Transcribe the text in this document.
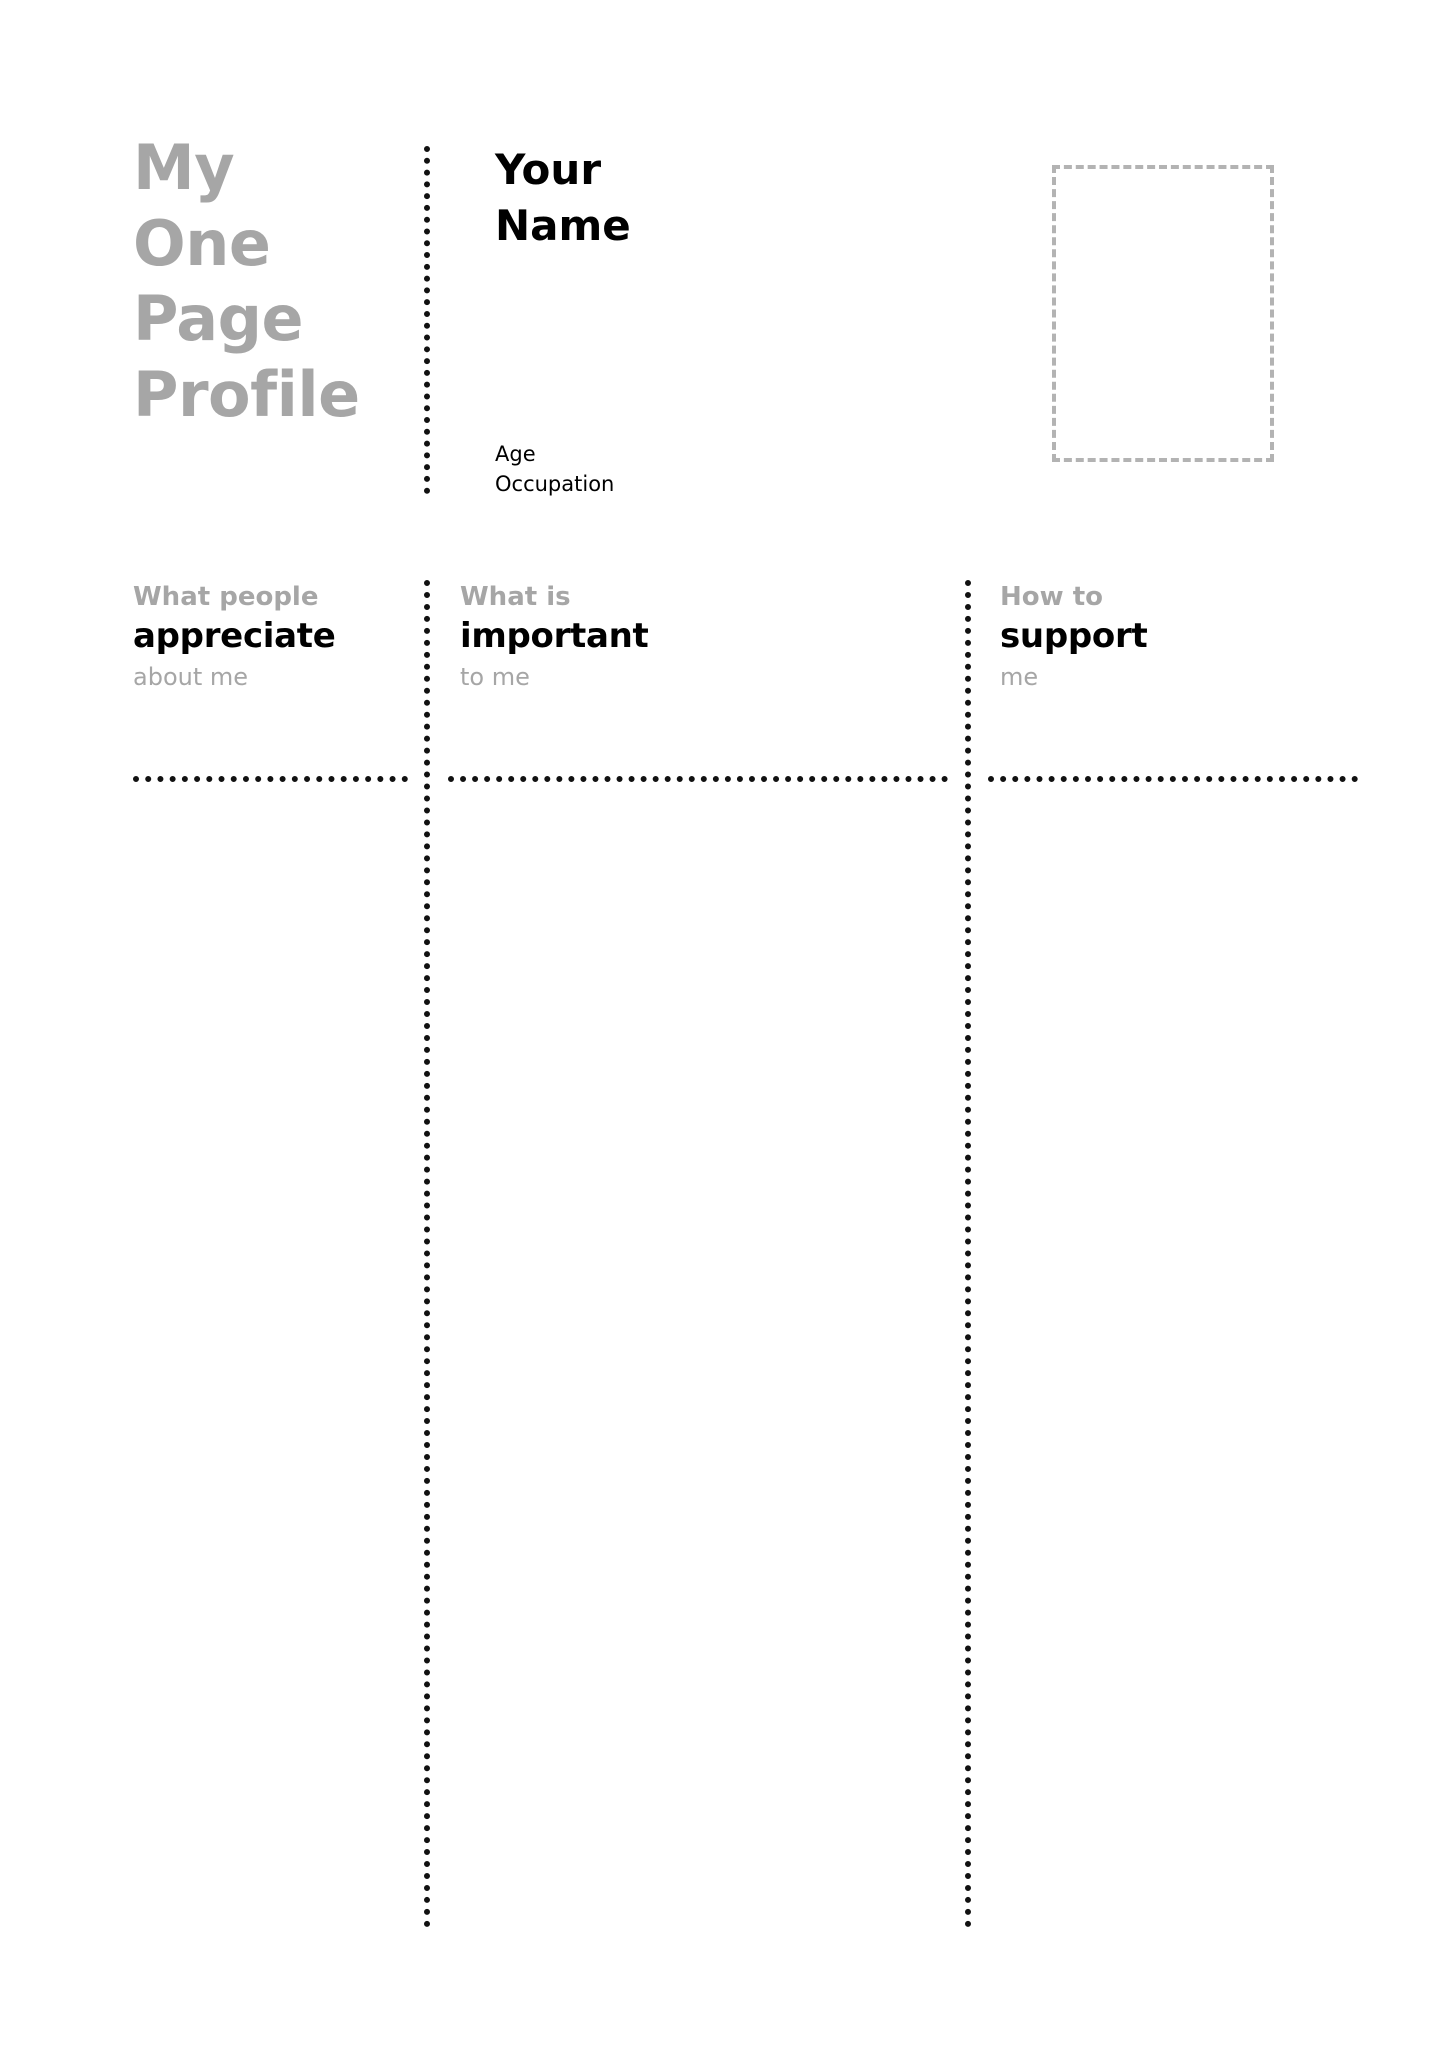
My
One
Page
Profile
Your
Name
Age
Occupation
What people
appreciate
about me
What is
important
to me
How to
support
me
